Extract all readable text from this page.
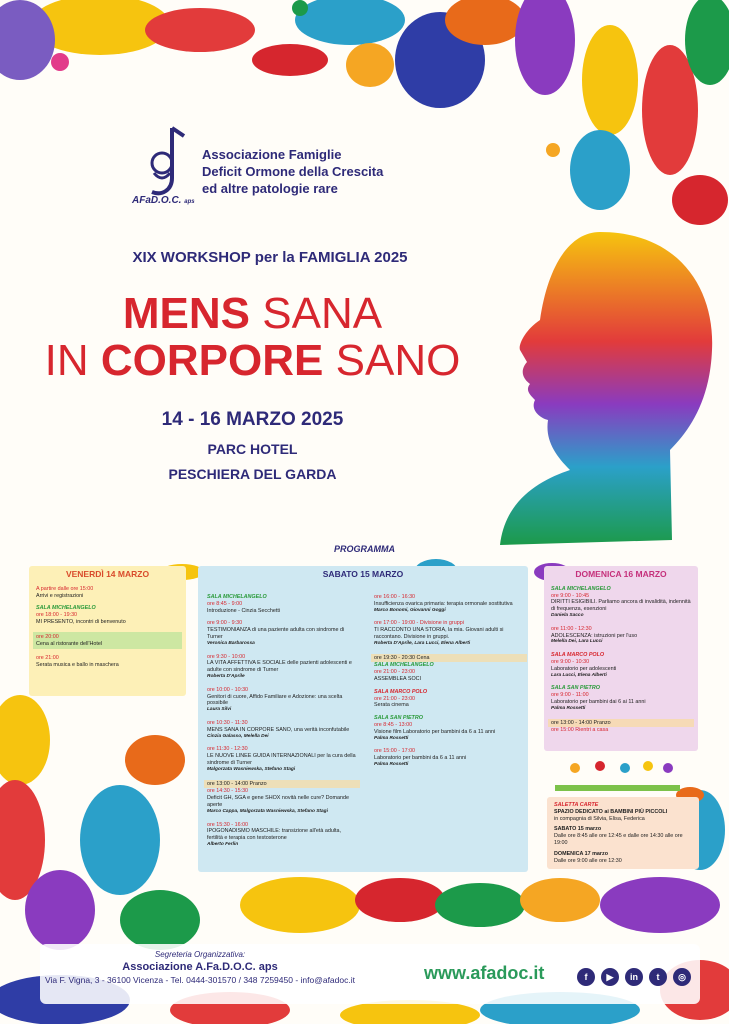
AFaD.O.C. aps
Associazione Famiglie
Deficit Ormone della Crescita
ed altre patologie rare
XIX WORKSHOP per la FAMIGLIA 2025
MENS SANA
IN CORPORE SANO
14 - 16 MARZO 2025
PARC HOTEL
PESCHIERA DEL GARDA
PROGRAMMA
VENERDÌ 14 MARZO
A partire dalle ore 15:00
Arrivi e registrazioni
SALA MICHELANGELO
ore 18:00 - 19:30
MI PRESENTO, incontri di benvenuto
ore 20:00
Cena al ristorante dell'Hotel
ore 21:00
Serata musica e ballo in maschera
SABATO 15 MARZO
SALA MICHELANGELO
ore 8:45 - 9:00
Introduzione - Cinzia Secchetti
ore 9:00 - 9:30
TESTIMONIANZA di una paziente adulta con sindrome di Turner
Veronica Barbarossa
ore 9:30 - 10:00
LA VITA AFFETTIVA E SOCIALE delle pazienti adolescenti e adulte con sindrome di Turner
Roberta D'Aprile
ore 10:00 - 10:30
Genitori di cuore, Affido Familiare e Adozione: una scelta possibile
Laura Silvi
ore 10:30 - 11:30
MENS SANA IN CORPORE SANO, una verità inconfutabile
Cinzia Galasso, Melella Dei
ore 11:30 - 12:30
LE NUOVE LINEE GUIDA INTERNAZIONALI per la cura della sindrome di Turner
Malgorzata Wasniewska, Stefano Stagi
ore 13:00 - 14:00 Pranzo
ore 14:30 - 15:30
Deficit GH, SGA e gene SHOX novità nelle cure? Domande aperte
Marco Cappa, Malgorzata Wasniewska, Stefano Stagi
ore 15:30 - 16:00
IPOGONADISMO MASCHILE: transizione all'età adulta, fertilità e terapia con testosterone
Alberto Ferlin
ore 16:00 - 16:30
Insufficienza ovarica primaria: terapia ormonale sostitutiva
Marco Bonomi, Giovanni Goggi
ore 17:00 - 19:00 - Divisione in gruppi
TI RACCONTO UNA STORIA, la mia. Giovani adulti si raccontano. Divisione in gruppi.
Roberta D'Aprile, Lara Lucci, Elena Alberti
ore 19:30 - 20:30 Cena
SALA MICHELANGELO
ore 21:00 - 23:00
ASSEMBLEA SOCI
SALA MARCO POLO
ore 21:00 - 23:00
Serata cinema
SALA SAN PIETRO
ore 8:45 - 13:00
Visione film Laboratorio per bambini da 6 a 11 anni
Palma Rossetti
ore 15:00 - 17:00
Laboratorio per bambini da 6 a 11 anni
Palma Rossetti
DOMENICA 16 MARZO
SALA MICHELANGELO
ore 9:00 - 10:45
DIRITTI ESIGIBILI. Parliamo ancora di invalidità, indennità di frequenza, esenzioni
Daniela Sacco
ore 11:00 - 12:30
ADOLESCENZA: istruzioni per l'uso
Melella Dei, Lara Lucci
SALA MARCO POLO
ore 9:00 - 10:30
Laboratorio per adolescenti
Lara Lucci, Elena Alberti
SALA SAN PIETRO
ore 9:00 - 11:00
Laboratorio per bambini dai 6 ai 11 anni
Palma Rossetti
ore 13:00 - 14:00 Pranzo
ore 15:00 Rientri a casa
SALETTA CARTE
SPAZIO DEDICATO ai BAMBINI PIÙ PICCOLI
in compagnia di Silvia, Elisa, Federica
SABATO 15 marzo
Dalle ore 8:45 alle ore 12:45 e dalle ore 14:30 alle ore 19:00
DOMENICA 17 marzo
Dalle ore 9:00 alle ore 12:30
Segreteria Organizzativa:
Associazione A.Fa.D.O.C. aps
Via F. Vigna, 3 - 36100 Vicenza - Tel. 0444-301570 / 348 7259450 - info@afadoc.it	www.afadoc.it	f	▶	in	t	◎
